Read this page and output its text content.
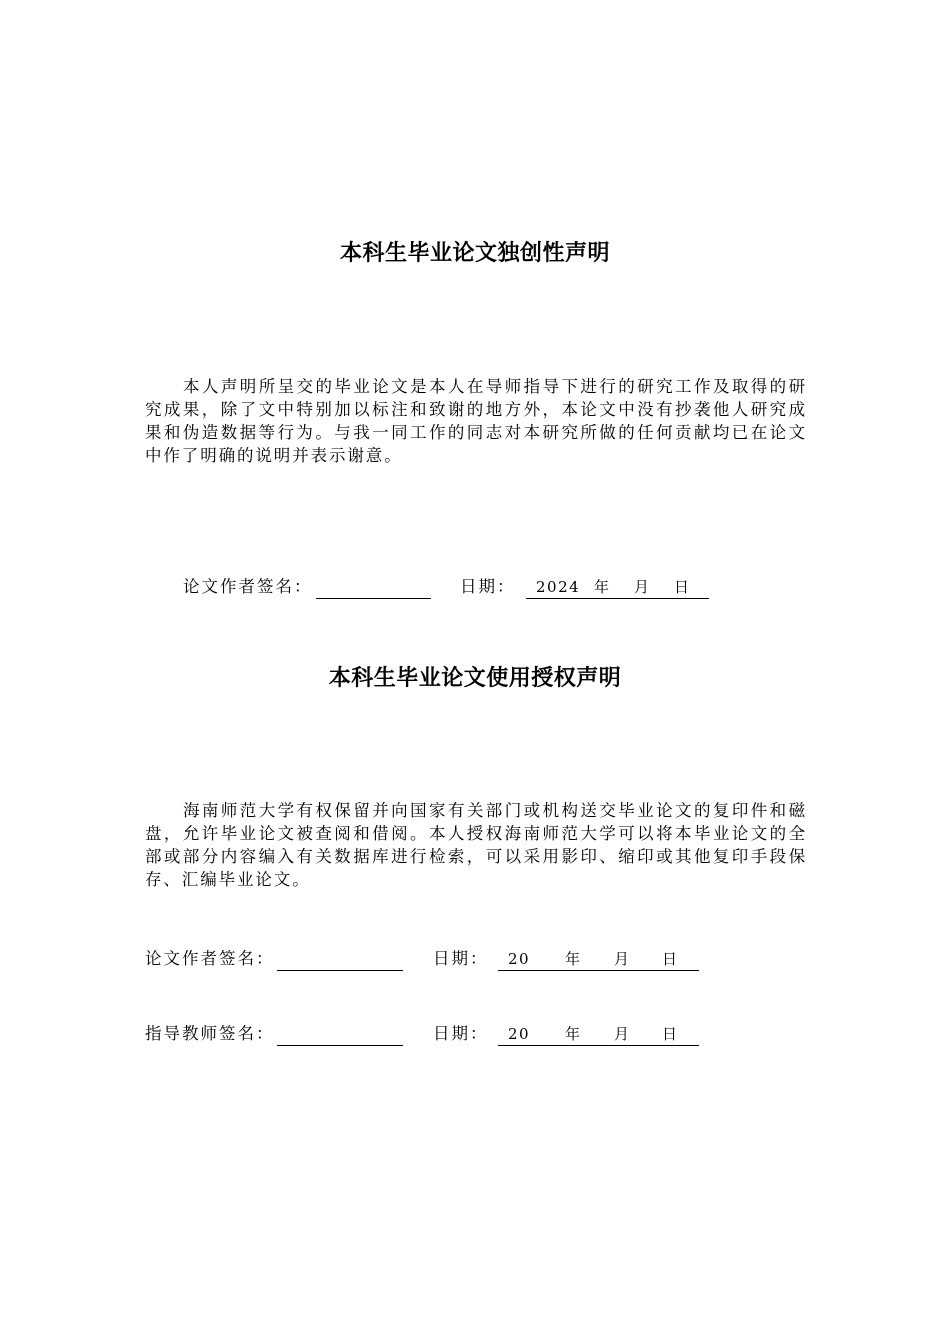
本科生毕业论文独创性声明

本人声明所呈交的毕业论文是本人在导师指导下进行的研究工作及取得的研究成果，除了文中特别加以标注和致谢的地方外，本论文中没有抄袭他人研究成果和伪造数据等行为。与我一同工作的同志对本研究所做的任何贡献均已在论文中作了明确的说明并表示谢意。

论文作者签名：	日期： 2024 年 月 日
本科生毕业论文使用授权声明

海南师范大学有权保留并向国家有关部门或机构送交毕业论文的复印件和磁盘，允许毕业论文被查阅和借阅。本人授权海南师范大学可以将本毕业论文的全部或部分内容编入有关数据库进行检索，可以采用影印、缩印或其他复印手段保存、汇编毕业论文。

论文作者签名：	日期： 20 年 月 日
指导教师签名：	日期： 20 年 月 日
